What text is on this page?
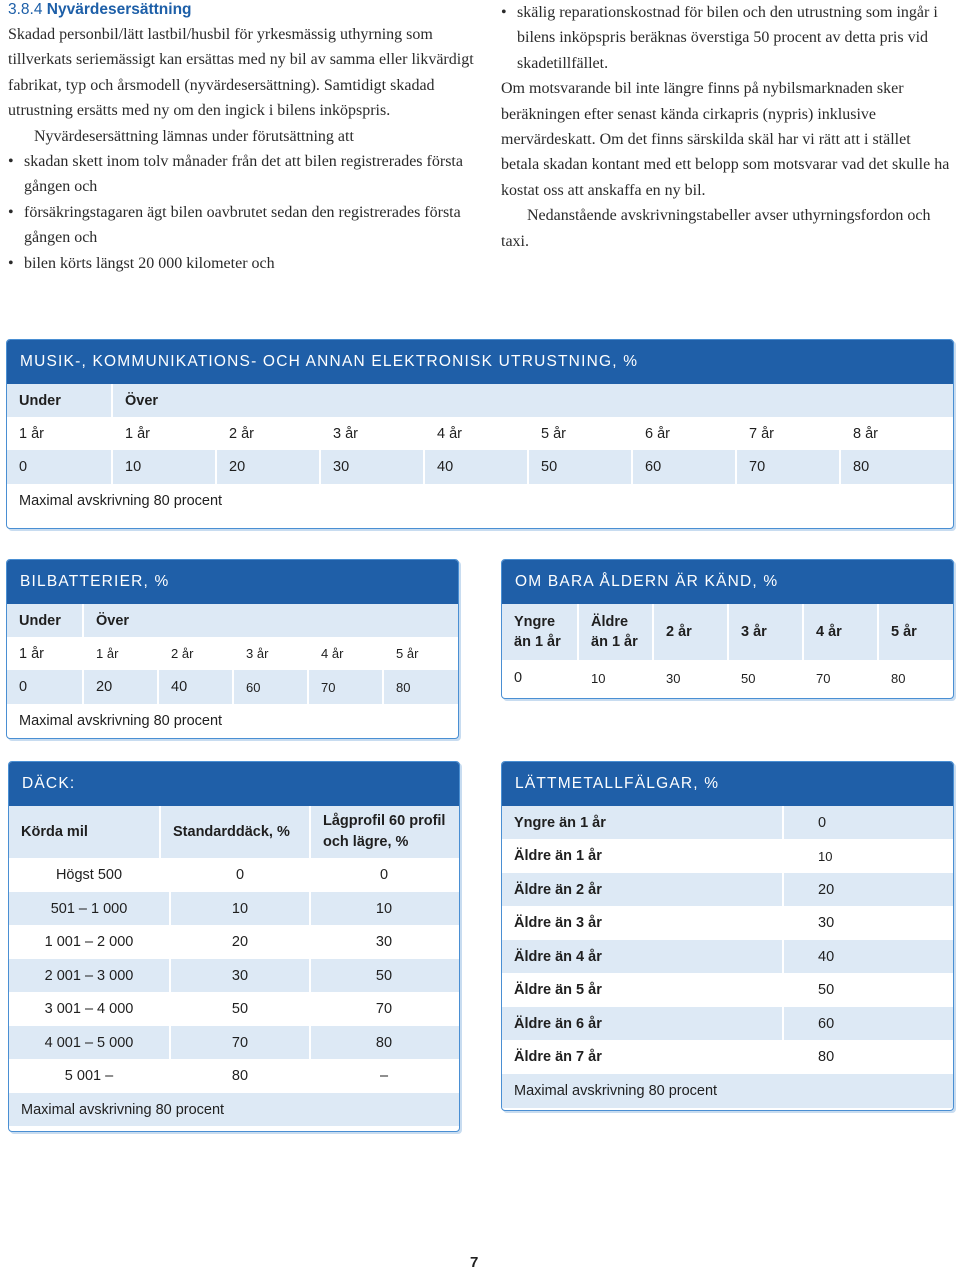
3.8.4 Nyvärdesersättning

Skadad personbil/lätt lastbil/husbil för yrkesmässig uthyrning som tillverkats seriemässigt kan ersättas med ny bil av samma eller likvärdigt fabrikat, typ och årsmodell (nyvärdesersättning). Samtidigt skadad utrustning ersätts med ny om den ingick i bilens inköpspris.

Nyvärdesersättning lämnas under förutsättning att

• skadan skett inom tolv månader från det att bilen registrerades första gången och
• försäkringstagaren ägt bilen oavbrutet sedan den registrerades första gången och
• bilen körts längst 20 000 kilometer och
• skälig reparationskostnad för bilen och den utrustning som ingår i bilens inköpspris beräknas överstiga 50 procent av detta pris vid skadetillfället.

Om motsvarande bil inte längre finns på nybilsmarknaden sker beräkningen efter senast kända cirkapris (nypris) inklusive mervärdeskatt. Om det finns särskilda skäl har vi rätt att i stället betala skadan kontant med ett belopp som motsvarar vad det skulle ha kostat oss att anskaffa en ny bil.

Nedanstående avskrivningstabeller avser uthyrningsfordon och taxi.

MUSIK-, KOMMUNIKATIONS- OCH ANNAN ELEKTRONISK UTRUSTNING, %
Under	Över
1 år	1 år	2 år	3 år	4 år	5 år	6 år	7 år	8 år
0	10	20	30	40	50	60	70	80
Maximal avskrivning 80 procent
BILBATTERIER, %
Under	Över
1 år	1 år	2 år	3 år	4 år	5 år
0	20	40	60	70	80
Maximal avskrivning 80 procent
OM BARA ÅLDERN ÄR KÄND, %
Yngre
än 1 år
Äldre
än 1 år
2 år	3 år	4 år	5 år
0	10	30	50	70	80
DÄCK:
Körda mil	Standarddäck, %
Lågprofil 60 profil
och lägre, %
Högst 500	0	0
501 – 1 000	10	10
1 001 – 2 000	20	30
2 001 – 3 000	30	50
3 001 – 4 000	50	70
4 001 – 5 000	70	80
5 001 –	80	–
Maximal avskrivning 80 procent
LÄTTMETALLFÄLGAR, %
Yngre än 1 år	0
Äldre än 1 år	10
Äldre än 2 år	20
Äldre än 3 år	30
Äldre än 4 år	40
Äldre än 5 år	50
Äldre än 6 år	60
Äldre än 7 år	80
Maximal avskrivning 80 procent
7
